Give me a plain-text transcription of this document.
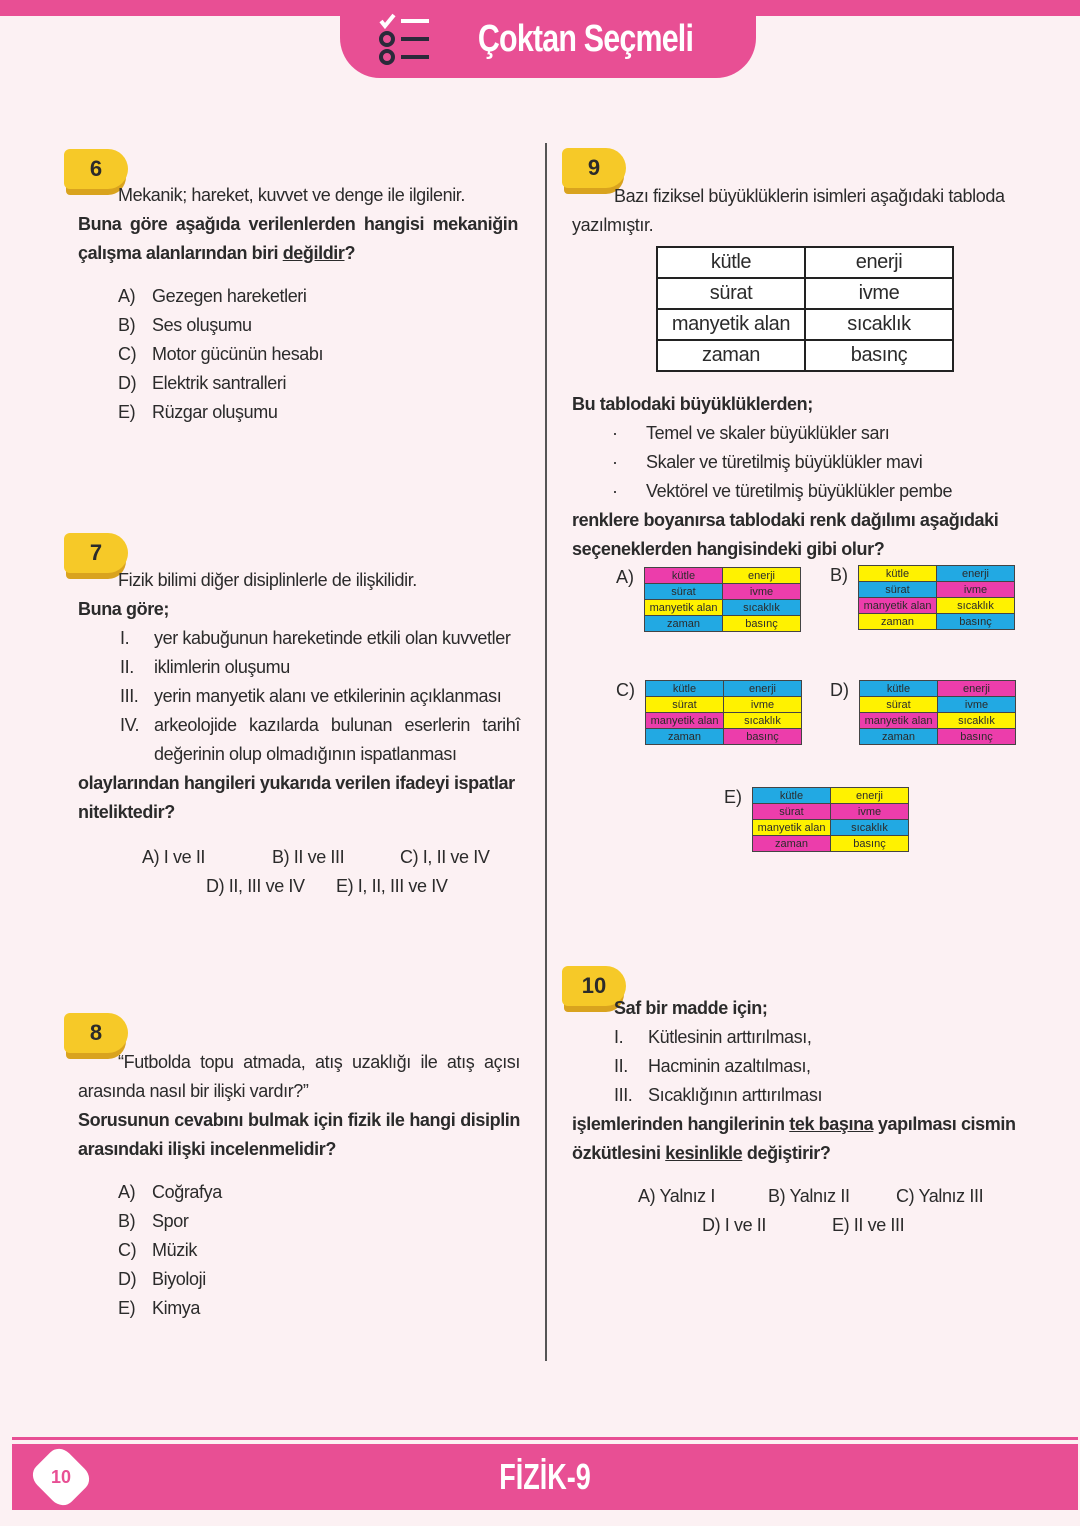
Çoktan Seçmeli
6
Mekanik; hareket, kuvvet ve denge ile ilgilenir.
Buna göre aşağıda verilenlerden hangisi mekaniğin çalışma alanlarından biri değildir?
A) Gezegen hareketleri
B) Ses oluşumu
C) Motor gücünün hesabı
D) Elektrik santralleri
E) Rüzgar oluşumu
7
Fizik bilimi diğer disiplinlerle de ilişkilidir.
Buna göre;
I.	yer kabuğunun hareketinde etkili olan kuvvetler
II.	iklimlerin oluşumu
III. yerin manyetik alanı ve etkilerinin açıklanması
IV. arkeolojide kazılarda bulunan eserlerin tarihî değerinin olup olmadığının ispatlanması
olaylarından hangileri yukarıda verilen ifadeyi ispatlar niteliktedir?
A) I ve II	B) II ve III	C) I, II ve IV
D) II, III ve IV	E) I, II, III ve IV
8
“Futbolda topu atmada, atış uzaklığı ile atış açısı arasında nasıl bir ilişki vardır?”
Sorusunun cevabını bulmak için fizik ile hangi disiplin arasındaki ilişki incelenmelidir?
A) Coğrafya
B) Spor
C) Müzik
D) Biyoloji
E) Kimya
9
Bazı fiziksel büyüklüklerin isimleri aşağıdaki tabloda yazılmıştır.
kütle	enerji
sürat	ivme
manyetik alan	sıcaklık
zaman	basınç
Bu tablodaki büyüklüklerden;
·	Temel ve skaler büyüklükler sarı
·	Skaler ve türetilmiş büyüklükler mavi
·	Vektörel ve türetilmiş büyüklükler pembe
renklere boyanırsa tablodaki renk dağılımı aşağıdaki seçeneklerden hangisindeki gibi olur?
A)	kütle	enerji
sürat	ivme
manyetik alan	sıcaklık
zaman	basınç
B)	kütle	enerji
sürat	ivme
manyetik alan	sıcaklık
zaman	basınç
C)	kütle	enerji
sürat	ivme
manyetik alan	sıcaklık
zaman	basınç
D)	kütle	enerji
sürat	ivme
manyetik alan	sıcaklık
zaman	basınç
E)	kütle	enerji
sürat	ivme
manyetik alan	sıcaklık
zaman	basınç
10
Saf bir madde için;
I.	Kütlesinin arttırılması,
II.	Hacminin azaltılması,
III. Sıcaklığının arttırılması
işlemlerinden hangilerinin tek başına yapılması cismin özkütlesini kesinlikle değiştirir?
A) Yalnız I	B) Yalnız II	C) Yalnız III
D) I ve II	E) II ve III
FİZİK-9
10
